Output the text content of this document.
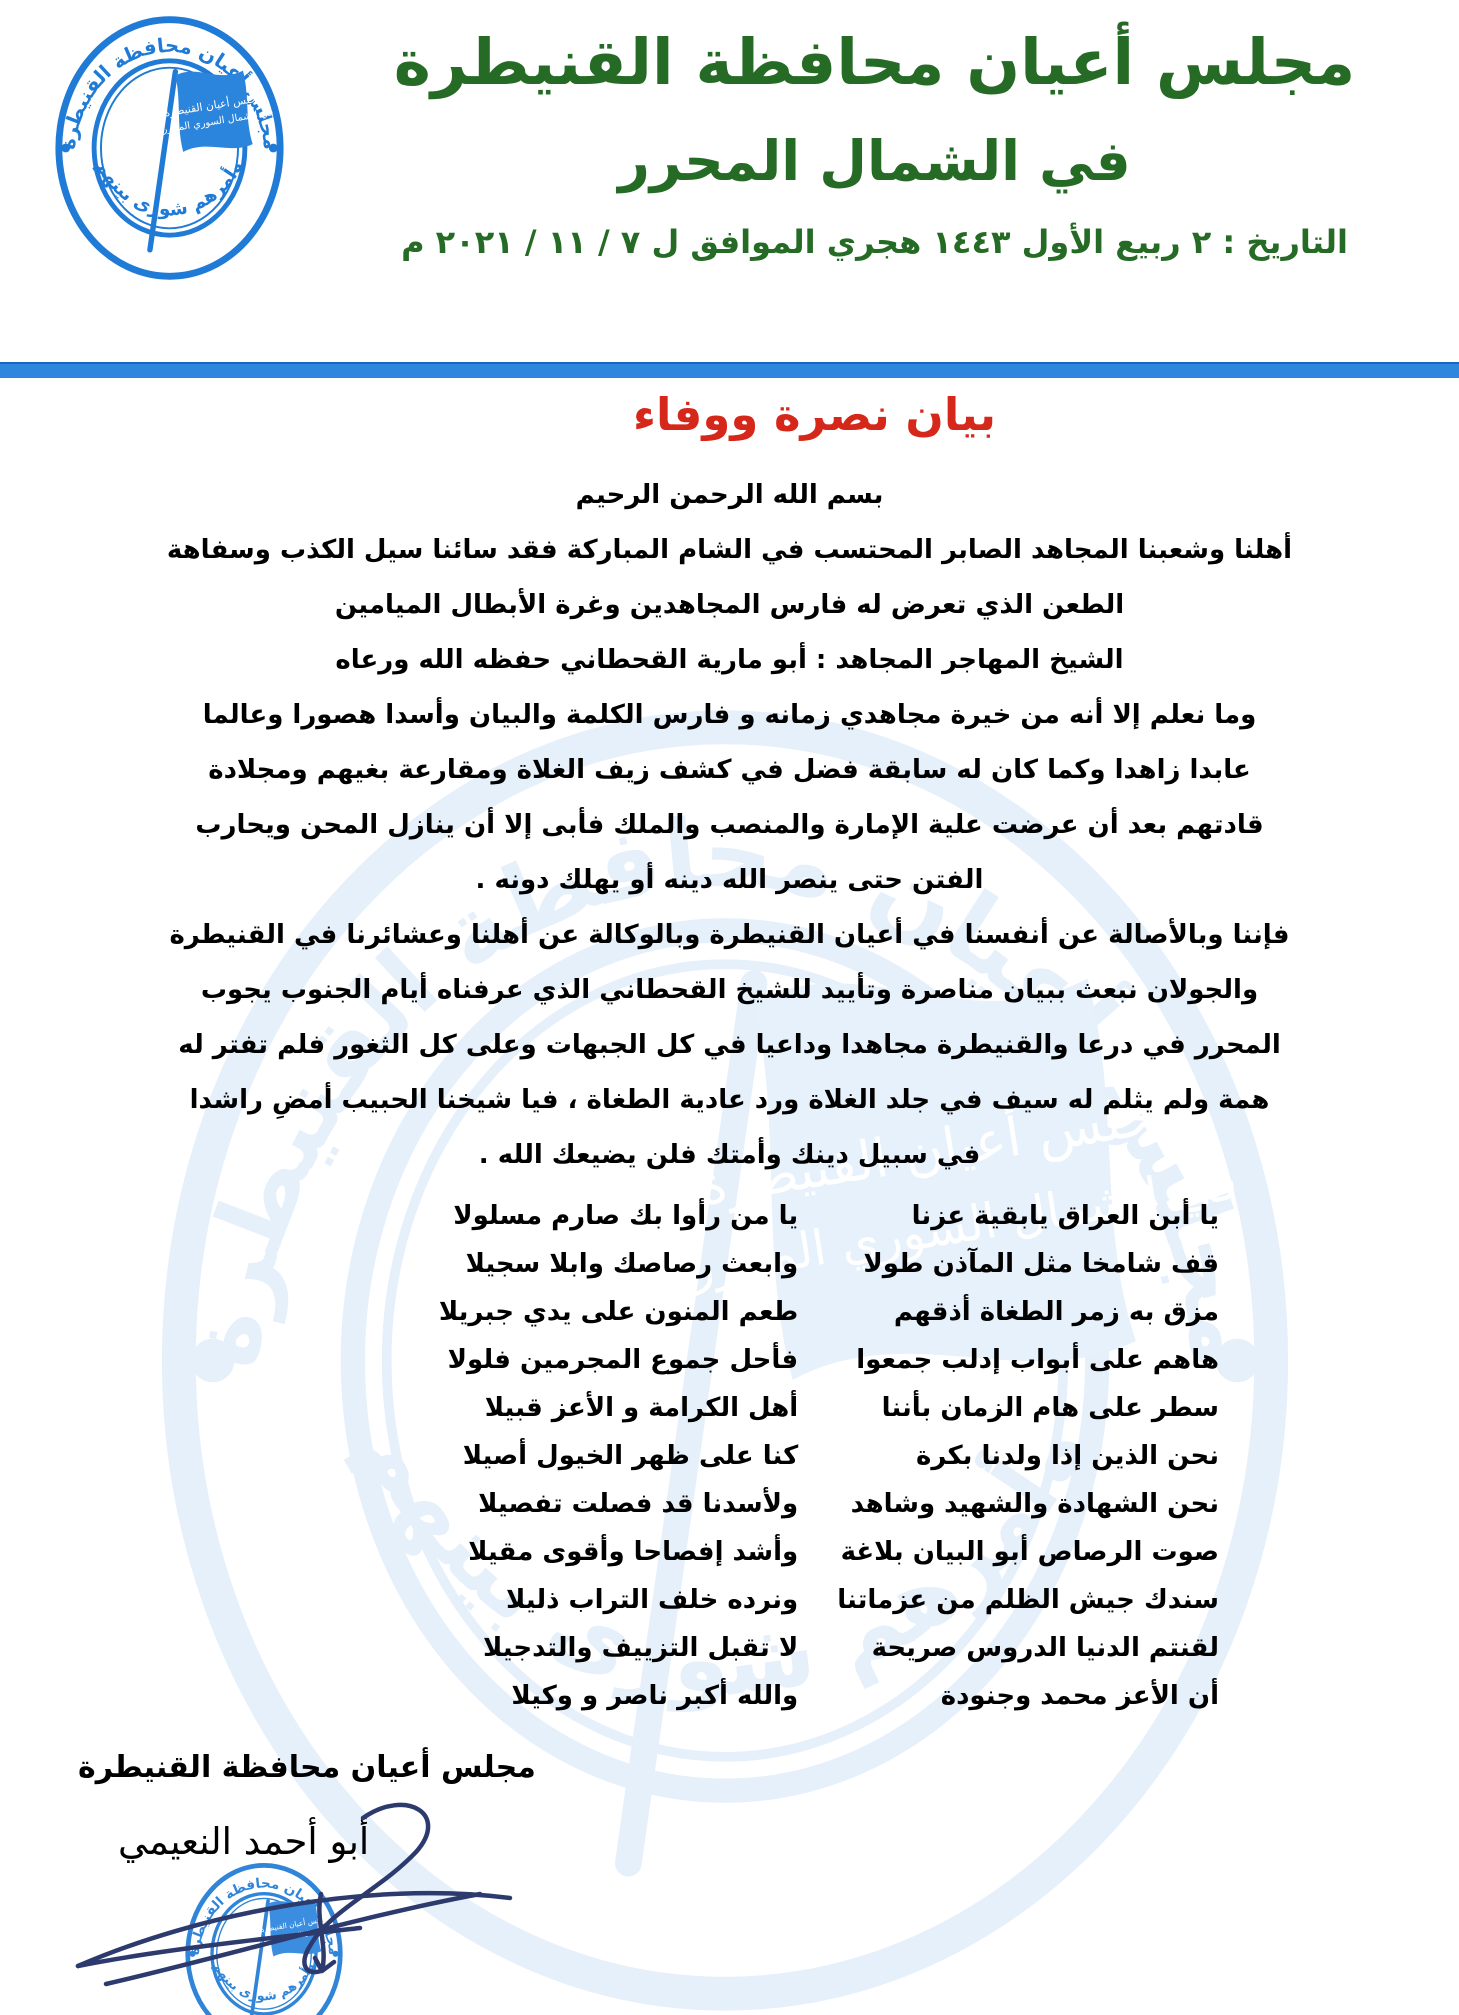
مجلس أعيان محافظة القنيطرة
في الشمال المحرر
التاريخ : ٢ ربيع الأول ١٤٤٣ هجري الموافق ل ٧ / ١١ / ٢٠٢١ م
بيان نصرة ووفاء
بسم الله الرحمن الرحيم
أهلنا وشعبنا المجاهد الصابر المحتسب في الشام المباركة فقد سائنا سيل الكذب وسفاهة
الطعن الذي تعرض له فارس المجاهدين وغرة الأبطال الميامين
الشيخ المهاجر المجاهد : أبو مارية القحطاني حفظه الله ورعاه
وما نعلم إلا أنه من خيرة مجاهدي زمانه و فارس الكلمة والبيان وأسدا هصورا وعالما
عابدا زاهدا وكما كان له سابقة فضل في كشف زيف الغلاة ومقارعة بغيهم ومجلادة
قادتهم بعد أن عرضت علية الإمارة والمنصب والملك فأبى إلا أن ينازل المحن ويحارب
الفتن حتى ينصر الله دينه أو يهلك دونه .
فإننا وبالأصالة عن أنفسنا في أعيان القنيطرة وبالوكالة عن أهلنا وعشائرنا في القنيطرة
والجولان نبعث ببيان مناصرة وتأييد للشيخ القحطاني الذي عرفناه أيام الجنوب يجوب
المحرر في درعا والقنيطرة مجاهدا وداعيا في كل الجبهات وعلى كل الثغور فلم تفتر له
همة ولم يثلم له سيف في جلد الغلاة ورد عادية الطغاة ، فيا شيخنا الحبيب أمضِ راشدا
في سبيل دينك وأمتك فلن يضيعك الله .
يا أبن العراق يابقية عزنا
يا من رأوا بك صارم مسلولا
قف شامخا مثل المآذن طولا
وابعث رصاصك وابلا سجيلا
مزق به زمر الطغاة أذقهم
طعم المنون على يدي جبريلا
هاهم على أبواب إدلب جمعوا
فأحل جموع المجرمين فلولا
سطر على هام الزمان بأننا
أهل الكرامة و الأعز قبيلا
نحن الذين إذا ولدنا بكرة
كنا على ظهر الخيول أصيلا
نحن الشهادة والشهيد وشاهد
ولأسدنا قد فصلت تفصيلا
صوت الرصاص أبو البيان بلاغة
وأشد إفصاحا وأقوى مقيلا
سندك جيش الظلم من عزماتنا
ونرده خلف التراب ذليلا
لقنتم الدنيا الدروس صريحة
لا تقبل التزييف والتدجيلا
أن الأعز محمد وجنودة
والله أكبر ناصر و وكيلا
مجلس أعيان محافظة القنيطرة
أبو أحمد النعيمي
